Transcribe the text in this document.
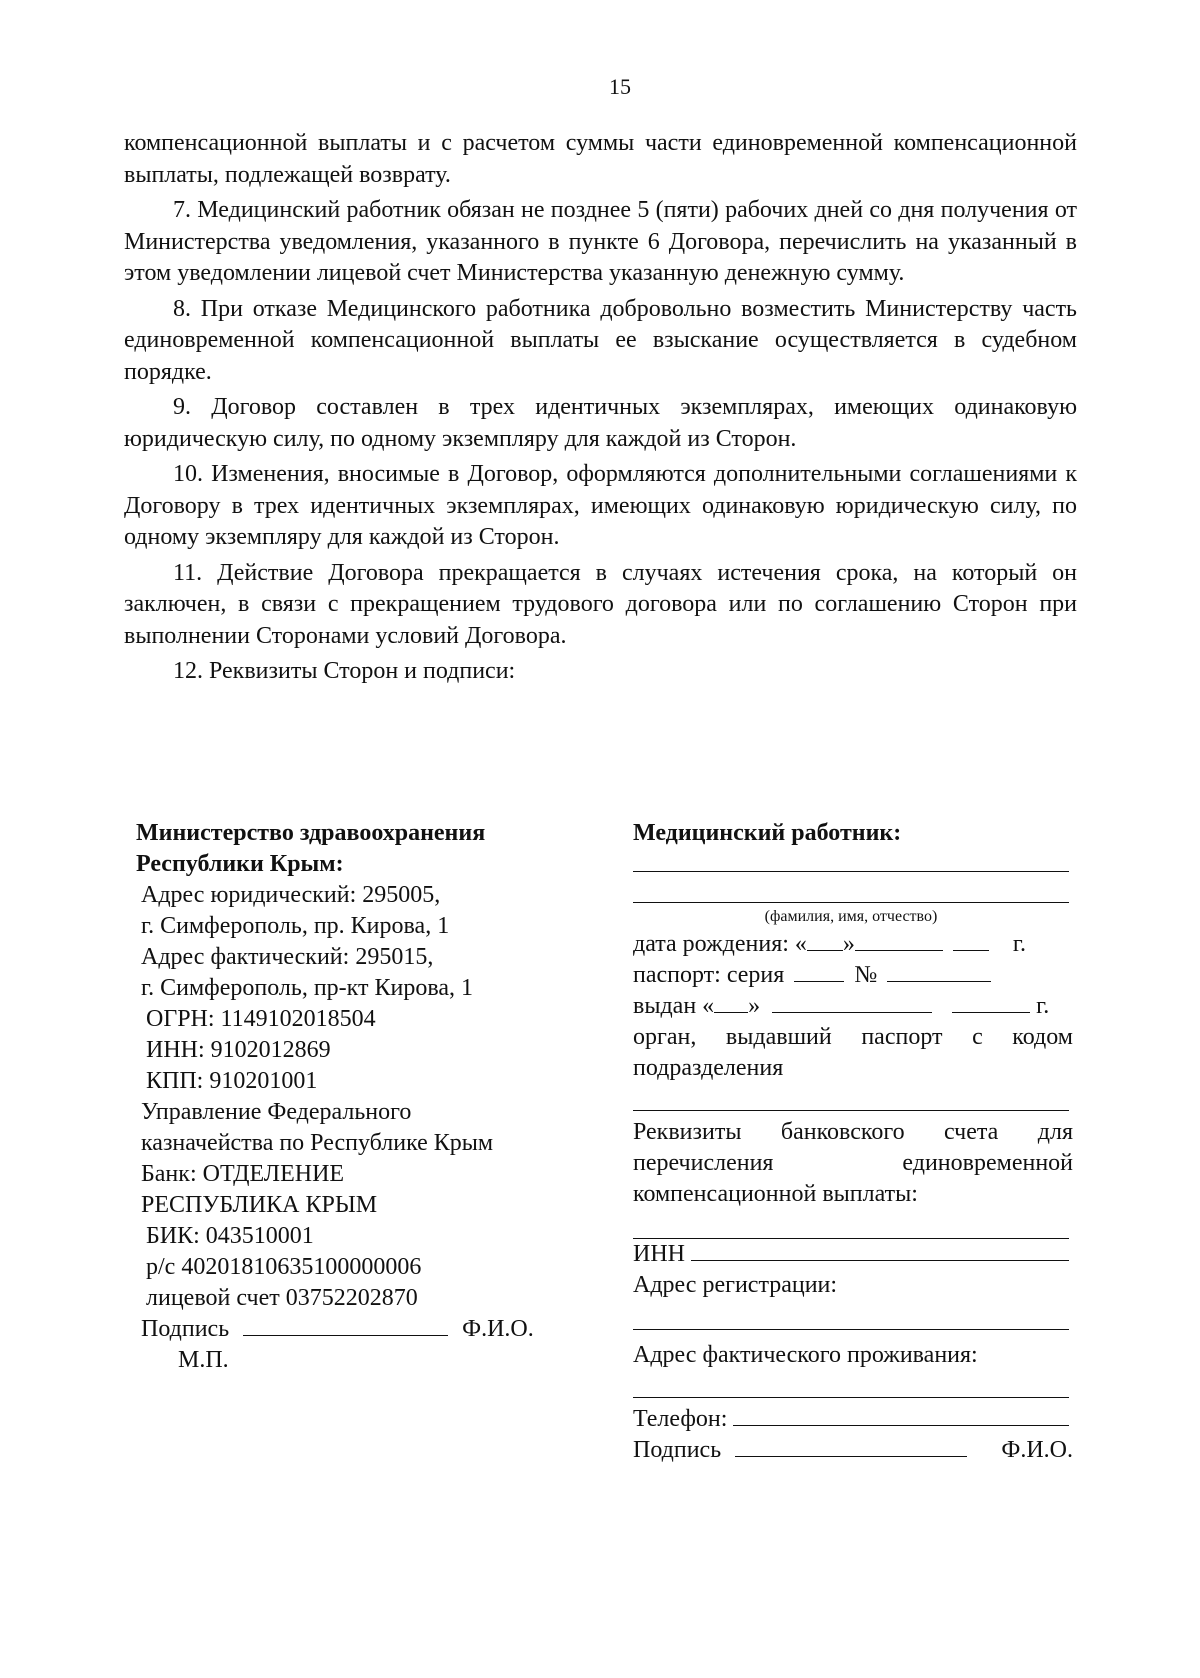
15

компенсационной выплаты и с расчетом суммы части единовременной компенсационной выплаты, подлежащей возврату.

7. Медицинский работник обязан не позднее 5 (пяти) рабочих дней со дня получения от Министерства уведомления, указанного в пункте 6 Договора, перечислить на указанный в этом уведомлении лицевой счет Министерства указанную денежную сумму.

8. При отказе Медицинского работника добровольно возместить Министерству часть единовременной компенсационной выплаты ее взыскание осуществляется в судебном порядке.

9. Договор составлен в трех идентичных экземплярах, имеющих одинаковую юридическую силу, по одному экземпляру для каждой из Сторон.

10. Изменения, вносимые в Договор, оформляются дополнительными соглашениями к Договору в трех идентичных экземплярах, имеющих одинаковую юридическую силу, по одному экземпляру для каждой из Сторон.

11. Действие Договора прекращается в случаях истечения срока, на который он заключен, в связи с прекращением трудового договора или по соглашению Сторон при выполнении Сторонами условий Договора.

12. Реквизиты Сторон и подписи:

Министерство здравоохранения
Республики Крым:
Адрес юридический: 295005,
г. Симферополь, пр. Кирова, 1
Адрес фактический: 295015,
г. Симферополь, пр-кт Кирова, 1
ОГРН: 1149102018504
ИНН: 9102012869
КПП: 910201001
Управление Федерального
казначейства по Республике Крым
Банк: ОТДЕЛЕНИЕ
РЕСПУБЛИКА КРЫМ
БИК: 043510001
р/с 40201810635100000006
лицевой счет 03752202870
Подпись	Ф.И.О.
М.П.
Медицинский работник:
(фамилия, имя, отчество)
дата рождения: « »	г.
паспорт: серия	№
выдан « »	г.
орган, выдавший паспорт с кодом подразделения
Реквизиты банковского счета для перечисления единовременной компенсационной выплаты:
ИНН
Адрес регистрации:
Адрес фактического проживания:
Телефон:
Подпись	Ф.И.О.
